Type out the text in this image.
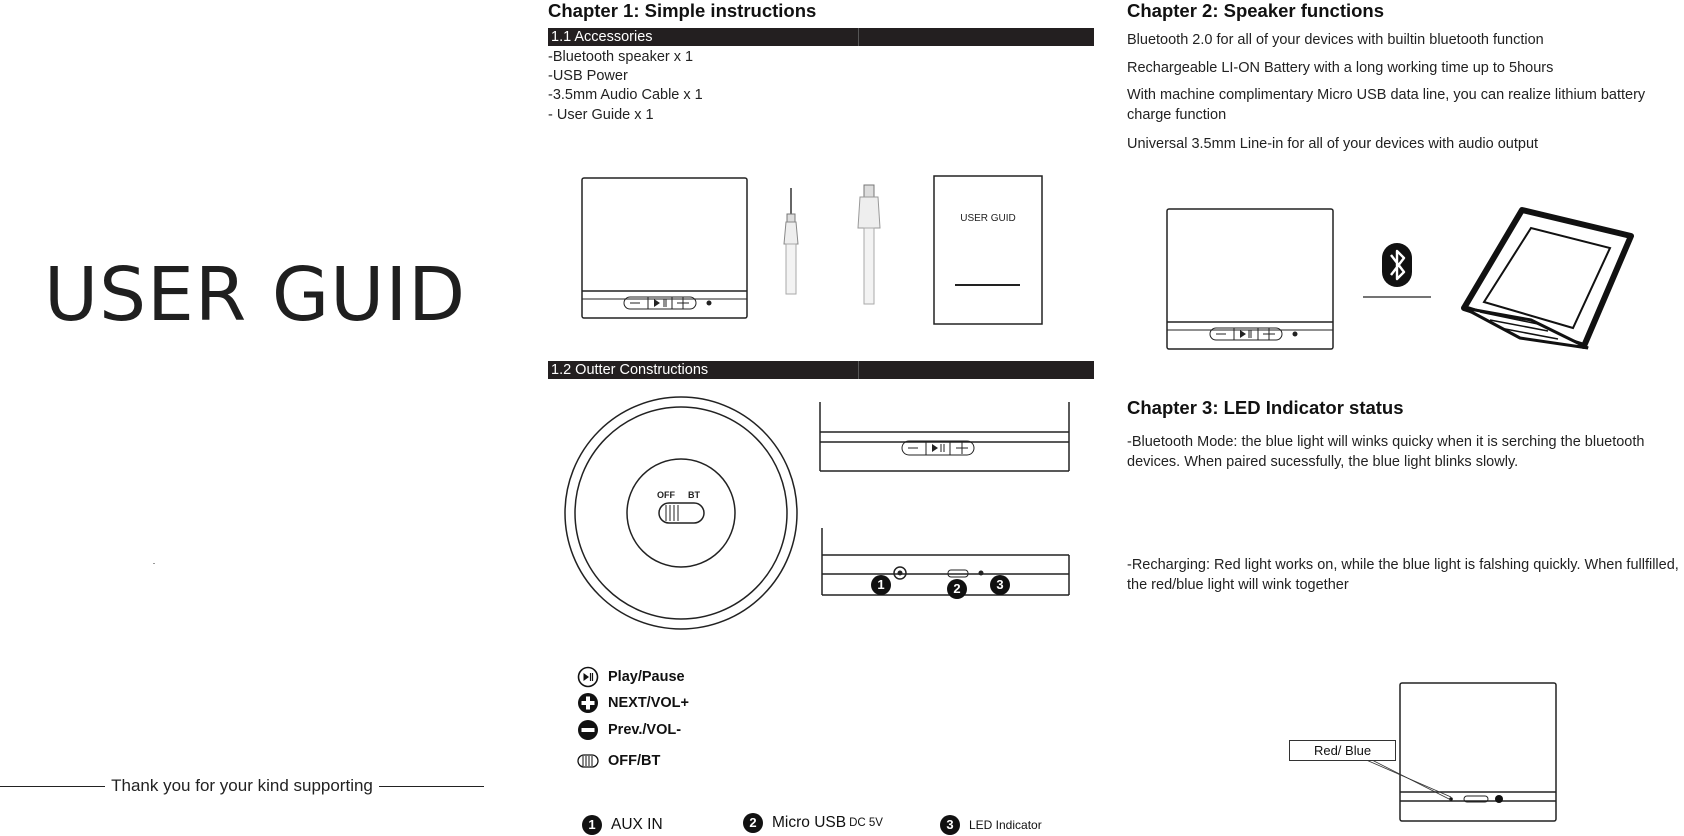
USER GUID
Thank you for your kind supporting
Chapter 1: Simple instructions
1.1 Accessories
-Bluetooth speaker x 1
-USB Power
-3.5mm Audio Cable x 1
- User Guide x 1
USER GUID
1.2 Outter Constructions
OFF BT
1	2	3
Play/Pause
NEXT/VOL+
Prev./VOL-
OFF/BT
1 AUX IN	2 Micro USB DC 5V	3	LED Indicator
Chapter 2: Speaker functions
Bluetooth 2.0 for all of your devices with builtin bluetooth function
Rechargeable LI-ON Battery with a long working time up to 5hours
With machine complimentary Micro USB data line, you can realize lithium battery charge function
Universal 3.5mm Line-in for all of your devices with audio output
Chapter 3: LED Indicator status
-Bluetooth Mode: the blue light will winks quicky when it is serching the bluetooth devices. When paired sucessfully, the blue light blinks slowly.
-Recharging: Red light works on, while the blue light is falshing quickly. When fullfilled, the red/blue light will wink together
Red/ Blue
